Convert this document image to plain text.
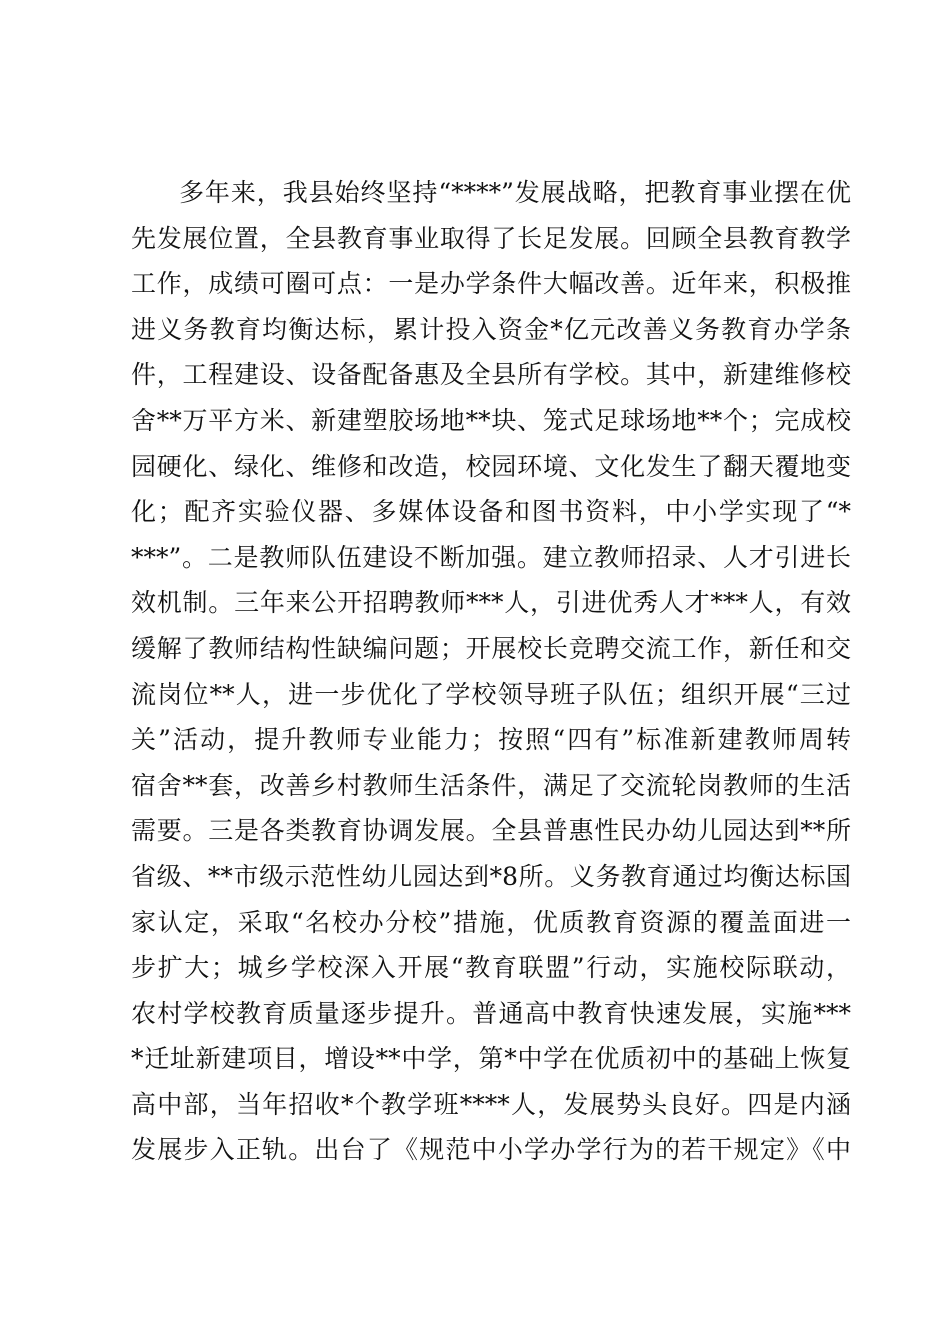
多年来，我县始终坚持“****”发展战略，把教育事业摆在优
先发展位置，全县教育事业取得了长足发展。回顾全县教育教学
工作，成绩可圈可点：一是办学条件大幅改善。近年来，积极推
进义务教育均衡达标，累计投入资金*亿元改善义务教育办学条
件，工程建设、设备配备惠及全县所有学校。其中，新建维修校
舍**万平方米、新建塑胶场地**块、笼式足球场地**个；完成校
园硬化、绿化、维修和改造，校园环境、文化发生了翻天覆地变
化；配齐实验仪器、多媒体设备和图书资料，中小学实现了“*
***”。二是教师队伍建设不断加强。建立教师招录、人才引进长
效机制。三年来公开招聘教师***人，引进优秀人才***人，有效
缓解了教师结构性缺编问题；开展校长竞聘交流工作，新任和交
流岗位**人，进一步优化了学校领导班子队伍；组织开展“三过
关”活动，提升教师专业能力；按照“四有”标准新建教师周转
宿舍**套，改善乡村教师生活条件，满足了交流轮岗教师的生活
需要。三是各类教育协调发展。全县普惠性民办幼儿园达到**所
省级、**市级示范性幼儿园达到*8所。义务教育通过均衡达标国
家认定，采取“名校办分校”措施，优质教育资源的覆盖面进一
步扩大；城乡学校深入开展“教育联盟”行动，实施校际联动，
农村学校教育质量逐步提升。普通高中教育快速发展，实施***
*迁址新建项目，增设**中学，第*中学在优质初中的基础上恢复
高中部，当年招收*个教学班****人，发展势头良好。四是内涵
发展步入正轨。出台了《规范中小学办学行为的若干规定》《中
